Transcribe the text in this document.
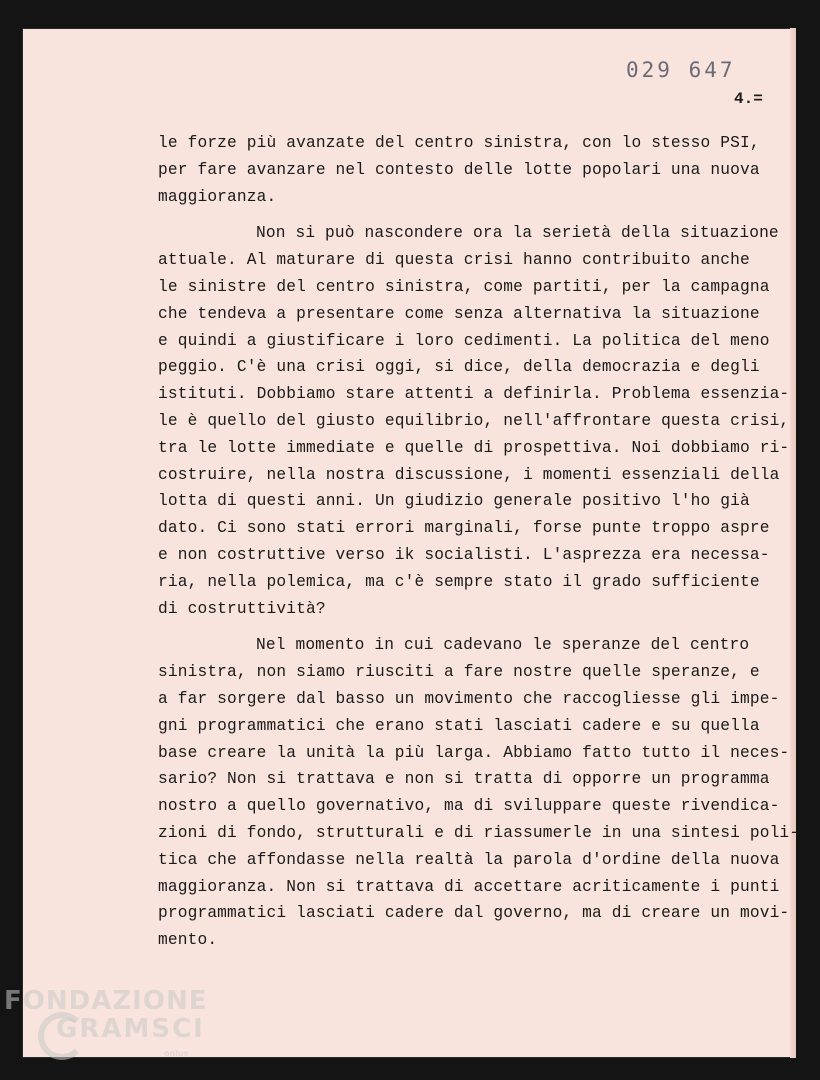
029 647
4.=
le forze più avanzate del centro sinistra, con lo stesso PSI,
per fare avanzare nel contesto delle lotte popolari una nuova
maggioranza.
Non si può nascondere ora la serietà della situazione
attuale. Al maturare di questa crisi hanno contribuito anche
le sinistre del centro sinistra, come partiti, per la campagna
che tendeva a presentare come senza alternativa la situazione
e quindi a giustificare i loro cedimenti. La politica del meno
peggio. C'è una crisi oggi, si dice, della democrazia e degli
istituti. Dobbiamo stare attenti a definirla. Problema essenzia-
le è quello del giusto equilibrio, nell'affrontare questa crisi,
tra le lotte immediate e quelle di prospettiva. Noi dobbiamo ri-
costruire, nella nostra discussione, i momenti essenziali della
lotta di questi anni. Un giudizio generale positivo l'ho già
dato. Ci sono stati errori marginali, forse punte troppo aspre
e non costruttive verso ik socialisti. L'asprezza era necessa-
ria, nella polemica, ma c'è sempre stato il grado sufficiente
di costruttività?
Nel momento in cui cadevano le speranze del centro
sinistra, non siamo riusciti a fare nostre quelle speranze, e
a far sorgere dal basso un movimento che raccogliesse gli impe-
gni programmatici che erano stati lasciati cadere e su quella
base creare la unità la più larga. Abbiamo fatto tutto il neces-
sario? Non si trattava e non si tratta di opporre un programma
nostro a quello governativo, ma di sviluppare queste rivendica-
zioni di fondo, strutturali e di riassumerle in una sintesi poli-
tica che affondasse nella realtà la parola d'ordine della nuova
maggioranza. Non si trattava di accettare acriticamente i punti
programmatici lasciati cadere dal governo, ma di creare un movi-
mento.
FONDAZIONE
GRAMSCI
onlus
